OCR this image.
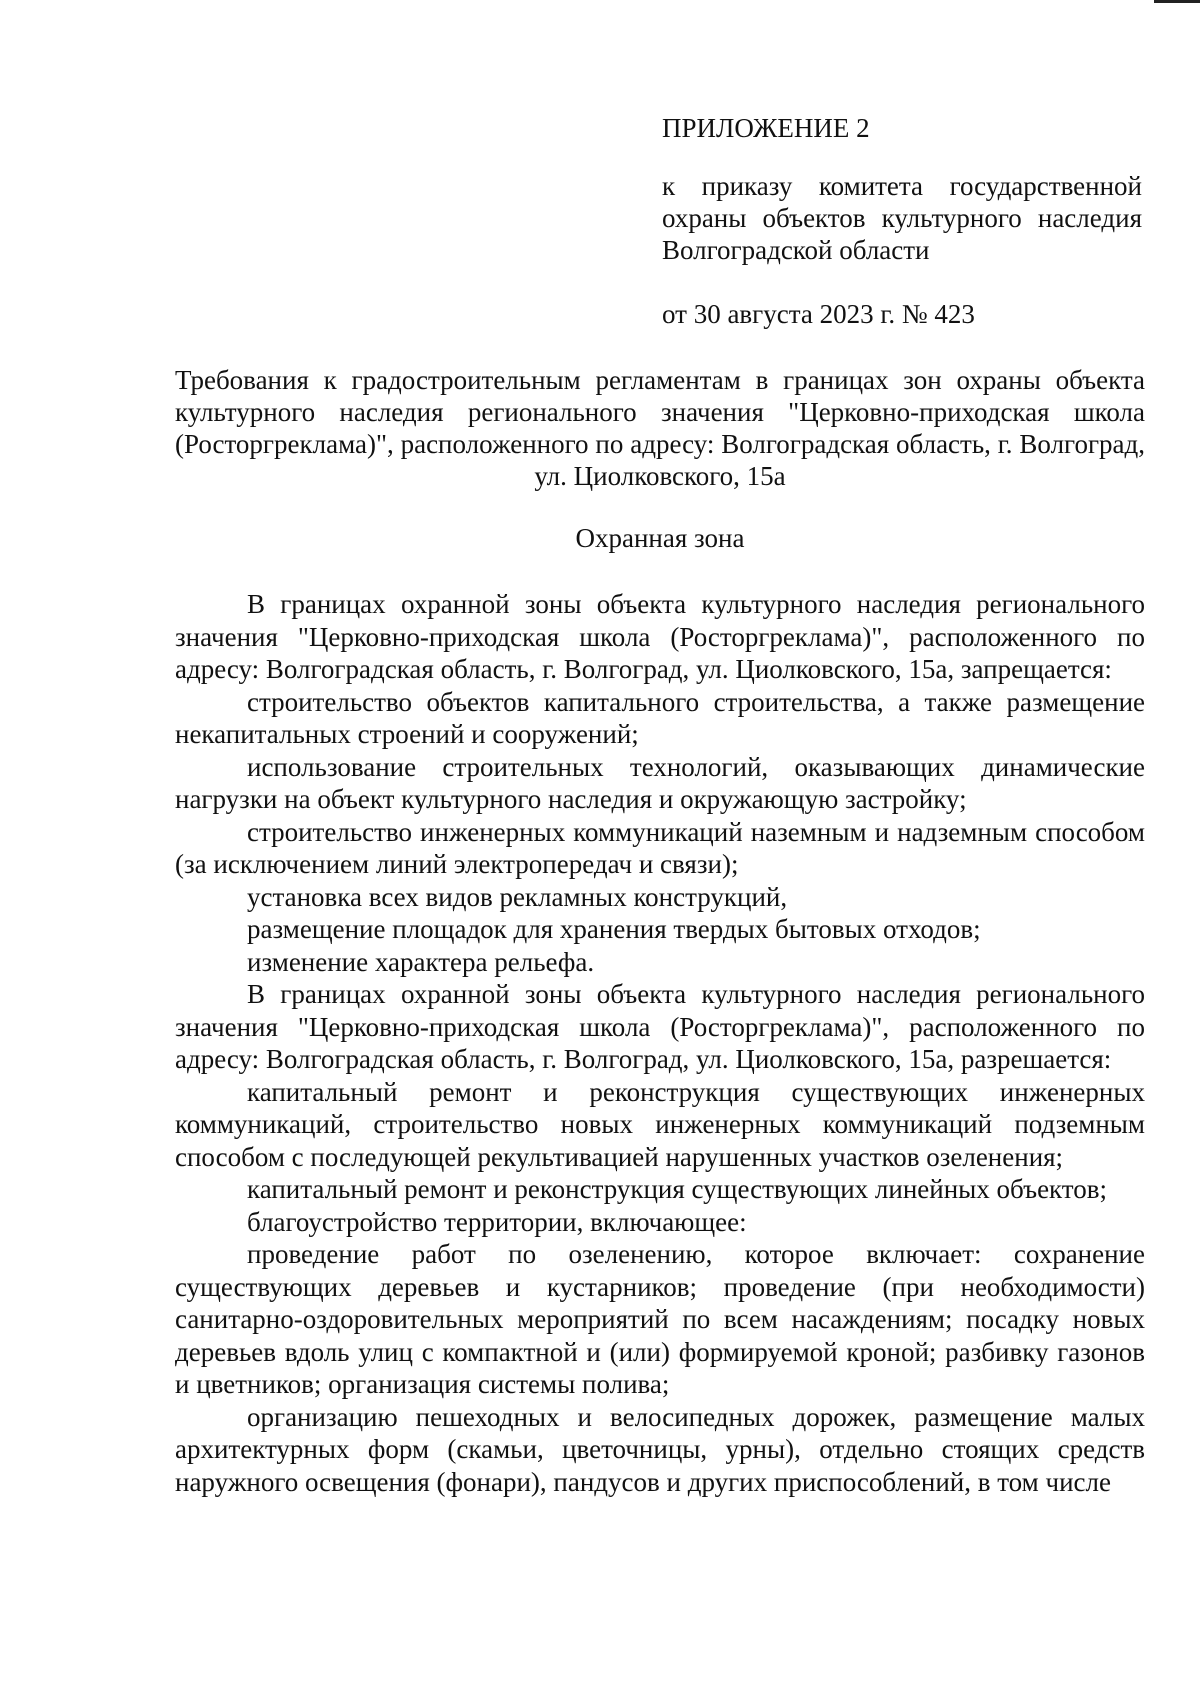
ПРИЛОЖЕНИЕ 2
к приказу комитета государственной охраны объектов культурного наследия Волгоградской области
от 30 августа 2023 г. № 423

Требования к градостроительным регламентам в границах зон охраны объекта культурного наследия регионального значения "Церковно-приходская школа (Росторгреклама)", расположенного по адресу: Волгоградская область, г. Волгоград, ул. Циолковского, 15а

Охранная зона

В границах охранной зоны объекта культурного наследия регионального значения "Церковно-приходская школа (Росторгреклама)", расположенного по адресу: Волгоградская область, г. Волгоград, ул. Циолковского, 15а, запрещается:

строительство объектов капитального строительства, а также размещение некапитальных строений и сооружений;

использование строительных технологий, оказывающих динамические нагрузки на объект культурного наследия и окружающую застройку;

строительство инженерных коммуникаций наземным и надземным способом (за исключением линий электропередач и связи);

установка всех видов рекламных конструкций,

размещение площадок для хранения твердых бытовых отходов;

изменение характера рельефа.

В границах охранной зоны объекта культурного наследия регионального значения "Церковно-приходская школа (Росторгреклама)", расположенного по адресу: Волгоградская область, г. Волгоград, ул. Циолковского, 15а, разрешается:

капитальный ремонт и реконструкция существующих инженерных коммуникаций, строительство новых инженерных коммуникаций подземным способом с последующей рекультивацией нарушенных участков озеленения;

капитальный ремонт и реконструкция существующих линейных объектов;

благоустройство территории, включающее:

проведение работ по озеленению, которое включает: сохранение существующих деревьев и кустарников; проведение (при необходимости) санитарно-оздоровительных мероприятий по всем насаждениям; посадку новых деревьев вдоль улиц с компактной и (или) формируемой кроной; разбивку газонов и цветников; организация системы полива;

организацию пешеходных и велосипедных дорожек, размещение малых архитектурных форм (скамьи, цветочницы, урны), отдельно стоящих средств наружного освещения (фонари), пандусов и других приспособлений, в том числе
